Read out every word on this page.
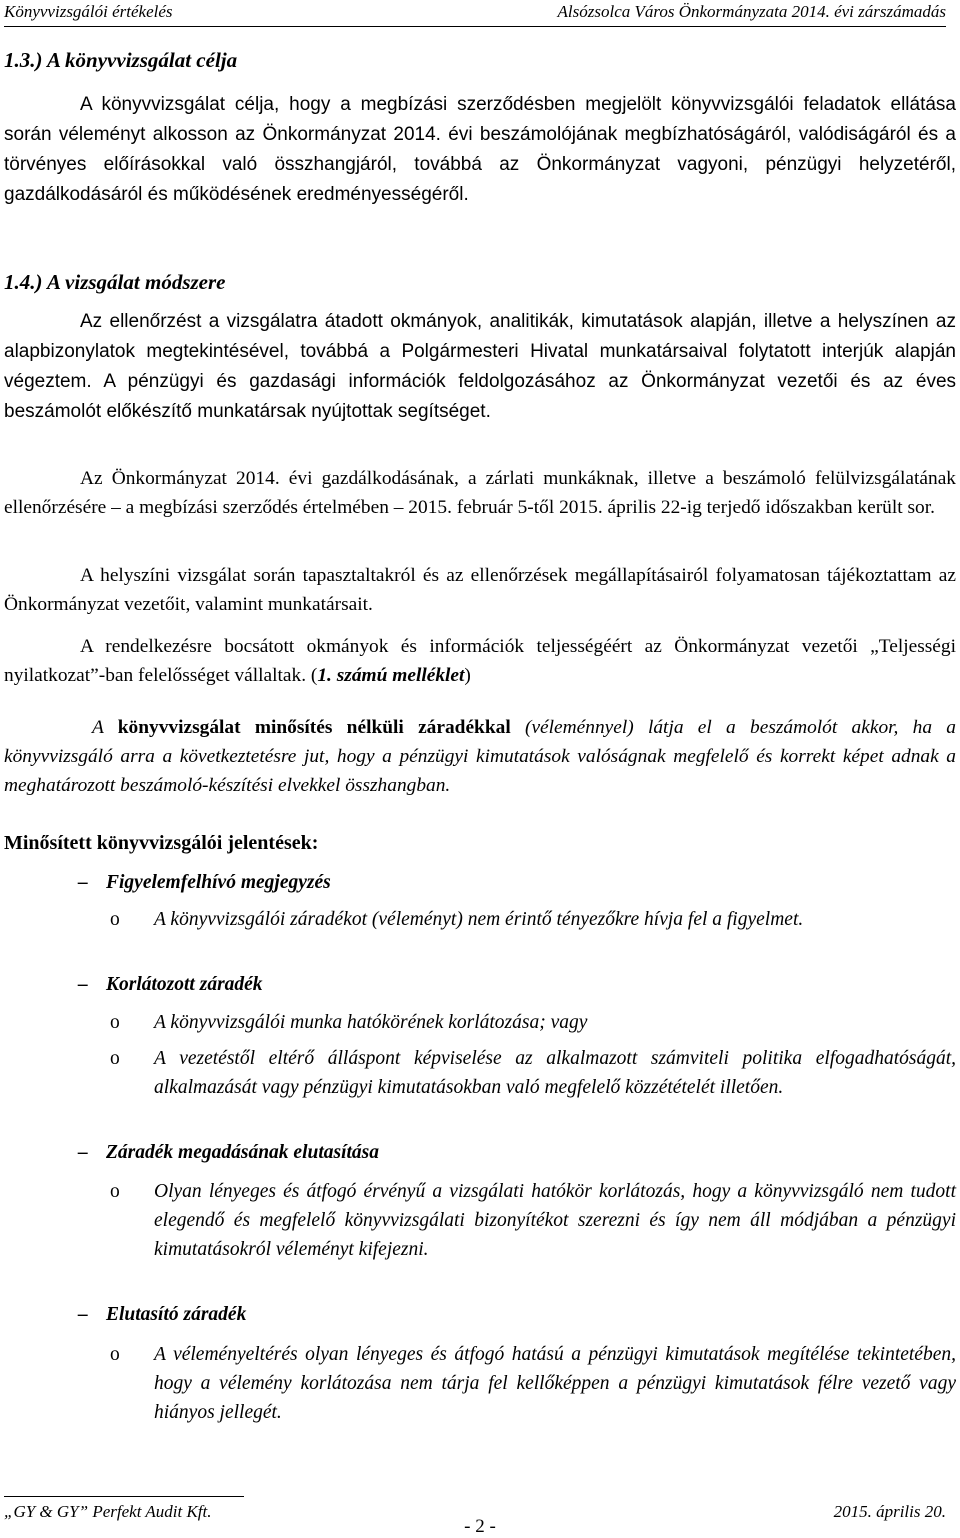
Könyvvizsgálói értékelés	Alsózsolca Város Önkormányzata 2014. évi zárszámadás
1.3.) A könyvvizsgálat célja

A könyvvizsgálat célja, hogy a megbízási szerződésben megjelölt könyvvizsgálói feladatok ellátása során véleményt alkosson az Önkormányzat 2014. évi beszámolójának megbízhatóságáról, valódiságáról és a törvényes előírásokkal való összhangjáról, továbbá az Önkormányzat vagyoni, pénzügyi helyzetéről, gazdálkodásáról és működésének eredményességéről.

1.4.) A vizsgálat módszere

Az ellenőrzést a vizsgálatra átadott okmányok, analitikák, kimutatások alapján, illetve a helyszínen az alapbizonylatok megtekintésével, továbbá a Polgármesteri Hivatal munkatársaival folytatott interjúk alapján végeztem. A pénzügyi és gazdasági információk feldolgozásához az Önkormányzat vezetői és az éves beszámolót előkészítő munkatársak nyújtottak segítséget.

Az Önkormányzat 2014. évi gazdálkodásának, a zárlati munkáknak, illetve a beszámoló felülvizsgálatának ellenőrzésére – a megbízási szerződés értelmében – 2015. február 5-től 2015. április 22-ig terjedő időszakban került sor.

A helyszíni vizsgálat során tapasztaltakról és az ellenőrzések megállapításairól folyamatosan tájékoztattam az Önkormányzat vezetőit, valamint munkatársait.

A rendelkezésre bocsátott okmányok és információk teljességéért az Önkormányzat vezetői „Teljességi nyilatkozat”-ban felelősséget vállaltak. (1. számú melléklet)

A könyvvizsgálat minősítés nélküli záradékkal (véleménnyel) látja el a beszámolót akkor, ha a könyvvizsgáló arra a következtetésre jut, hogy a pénzügyi kimutatások valóságnak megfelelő és korrekt képet adnak a meghatározott beszámoló-készítési elvekkel összhangban.

Minősített könyvvizsgálói jelentések:
– Figyelemfelhívó megjegyzés
o A könyvvizsgálói záradékot (véleményt) nem érintő tényezőkre hívja fel a figyelmet.
– Korlátozott záradék
o A könyvvizsgálói munka hatókörének korlátozása; vagy
o A vezetéstől eltérő álláspont képviselése az alkalmazott számviteli politika elfogadhatóságát, alkalmazását vagy pénzügyi kimutatásokban való megfelelő közzétételét illetően.
– Záradék megadásának elutasítása
o Olyan lényeges és átfogó érvényű a vizsgálati hatókör korlátozás, hogy a könyvvizsgáló nem tudott elegendő és megfelelő könyvvizsgálati bizonyítékot szerezni és így nem áll módjában a pénzügyi kimutatásokról véleményt kifejezni.
– Elutasító záradék
o A véleményeltérés olyan lényeges és átfogó hatású a pénzügyi kimutatások megítélése tekintetében, hogy a vélemény korlátozása nem tárja fel kellőképpen a pénzügyi kimutatások félre vezető vagy hiányos jellegét.
„GY & GY” Perfekt Audit Kft.	2015. április 20.
- 2 -
